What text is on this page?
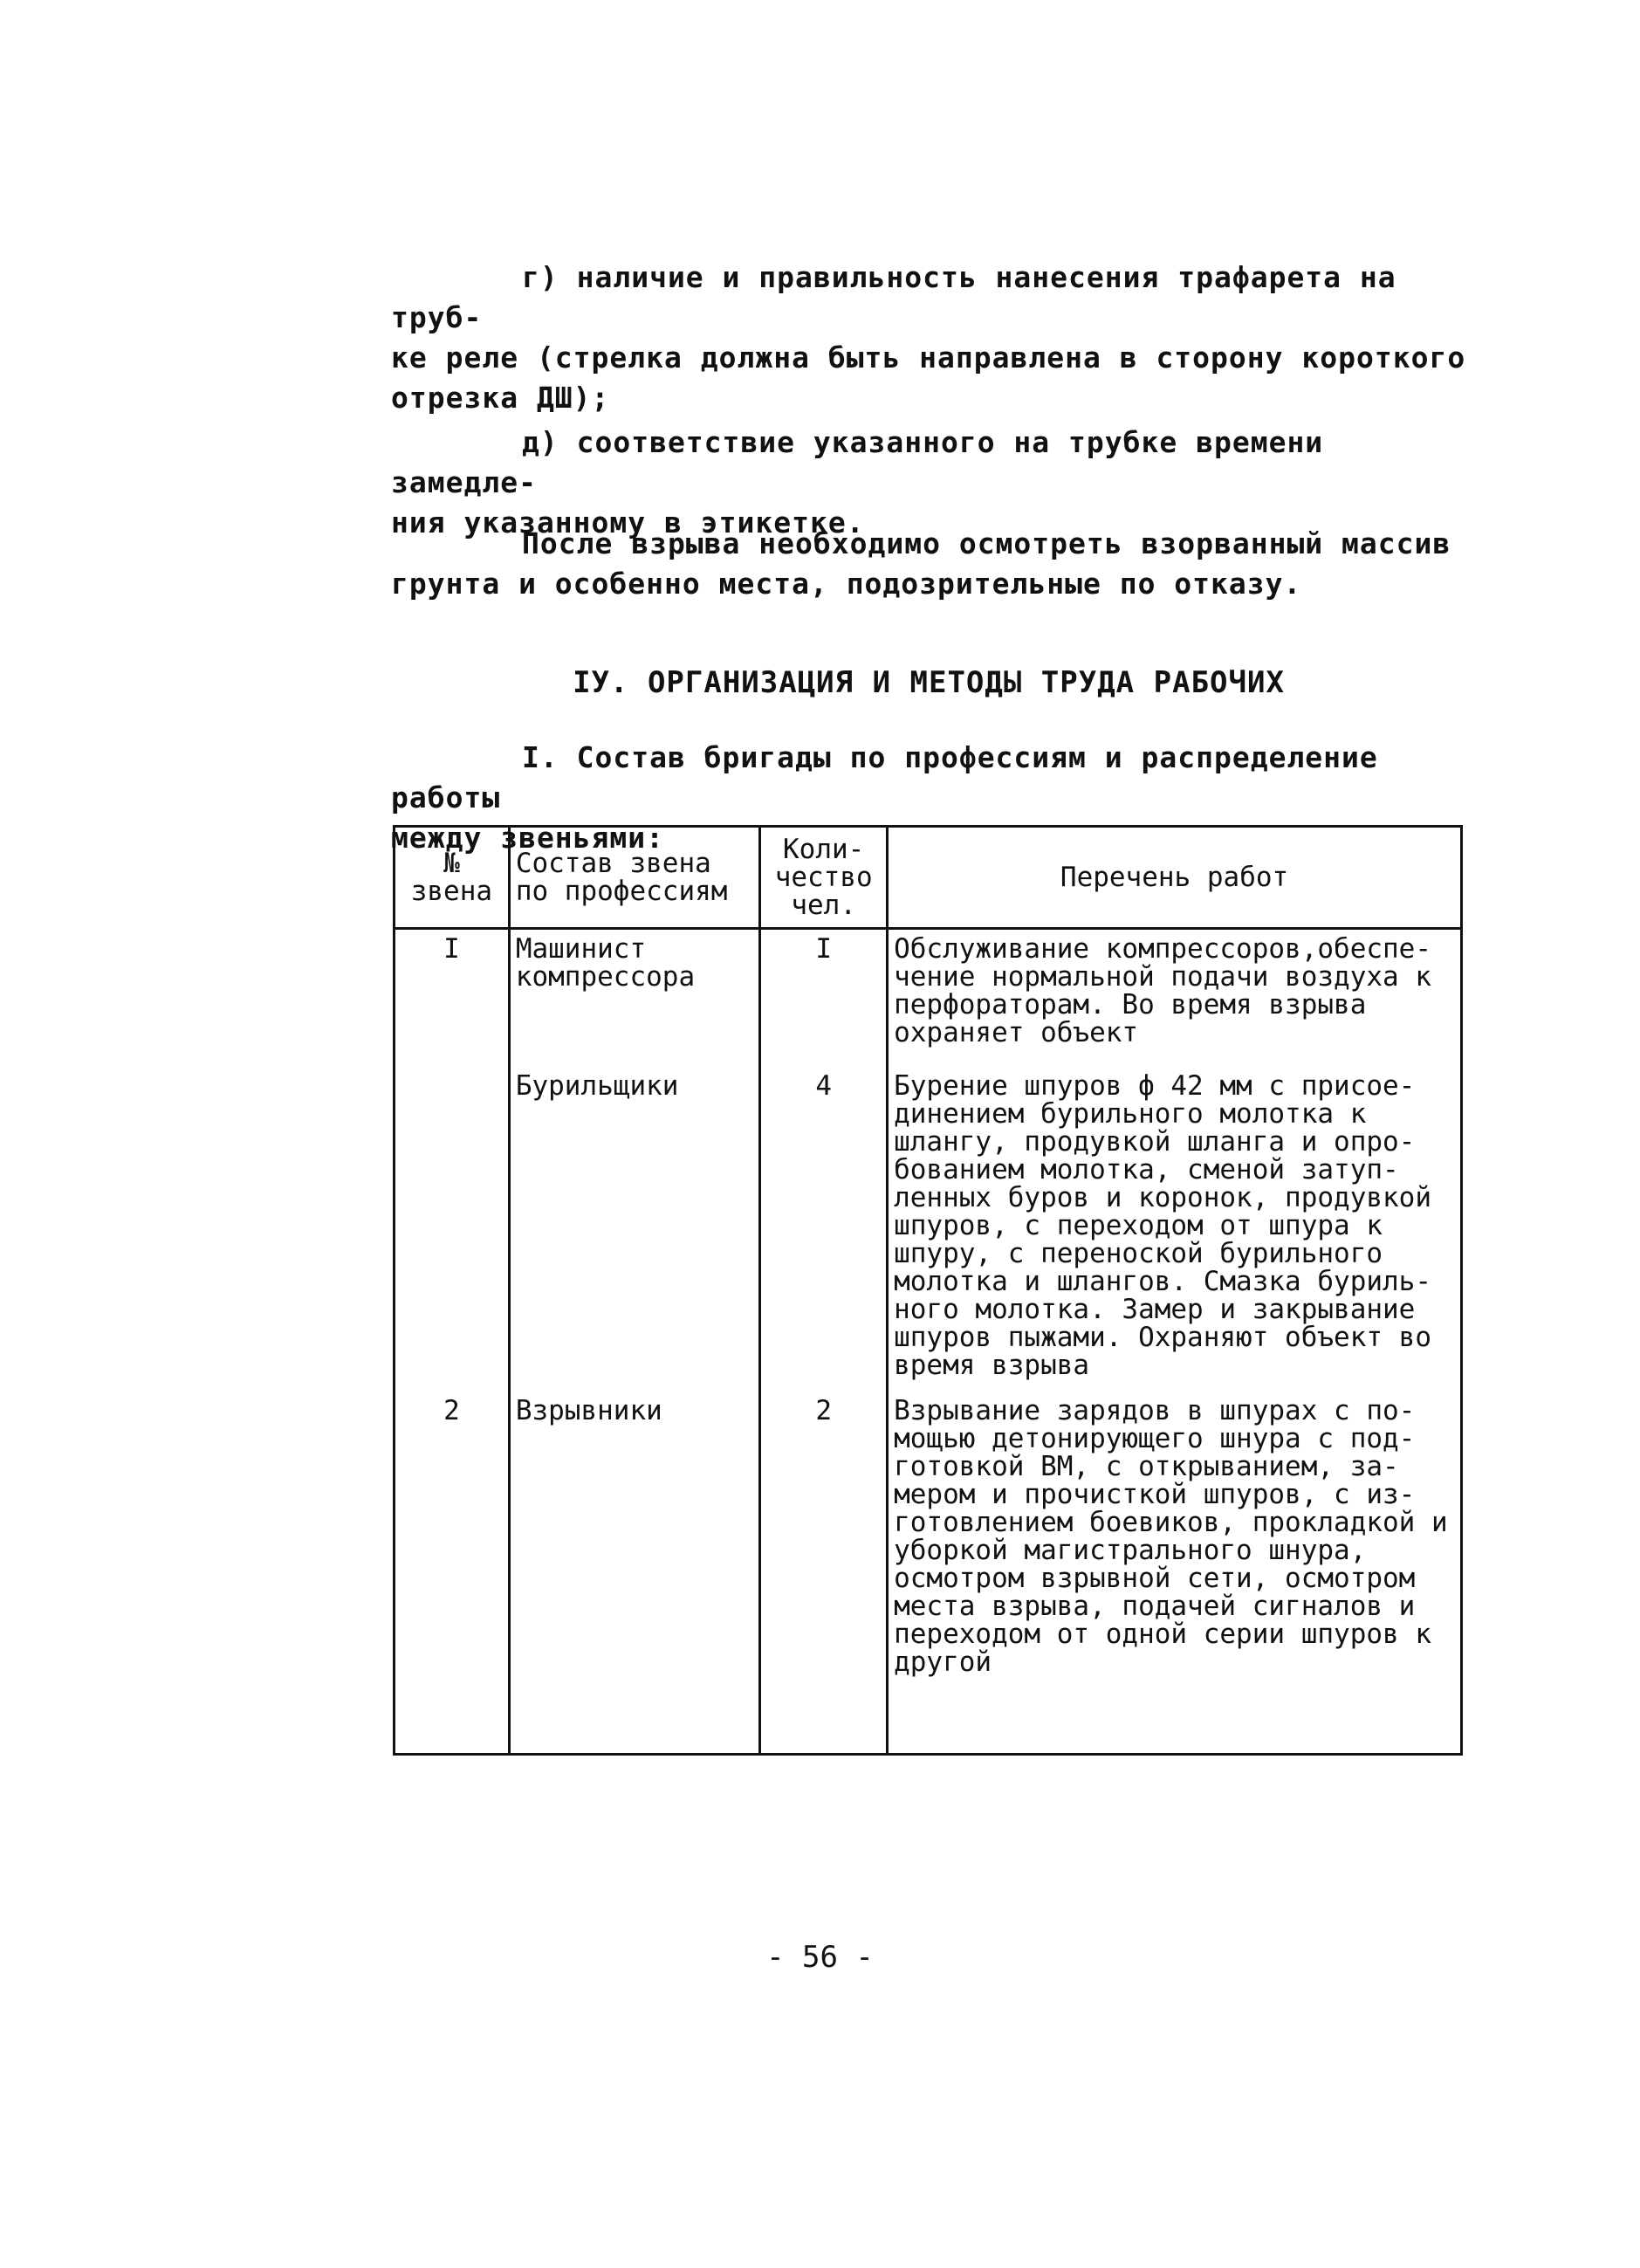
г) наличие и правильность нанесения трафарета на труб-
ке реле (стрелка должна быть направлена в сторону короткого
отрезка ДШ);

д) соответствие указанного на трубке времени замедле-
ния указанному в этикетке.

После взрыва необходимо осмотреть взорванный массив
грунта и особенно места, подозрительные по отказу.

IУ. ОРГАНИЗАЦИЯ И МЕТОДЫ ТРУДА РАБОЧИХ

I. Состав бригады по профессиям и распределение работы
между звеньями:

№ звена	Состав звена по профессиям	Коли- чество чел.	Перечень работ
I	Машинист компрессора	I	Обслуживание компрессоров,обеспе- чение нормальной подачи воздуха к перфораторам. Во время взрыва охраняет объект
	Бурильщики	4	Бурение шпуров ф 42 мм с присое- динением бурильного молотка к шлангу, продувкой шланга и опро- бованием молотка, сменой затуп- ленных буров и коронок, продувкой шпуров, с переходом от шпура к шпуру, с переноской бурильного молотка и шлангов. Смазка буриль- ного молотка. Замер и закрывание шпуров пыжами. Охраняют объект во время взрыва
2	Взрывники	2	Взрывание зарядов в шпурах с по- мощью детонирующего шнура с под- готовкой ВМ, с открыванием, за- мером и прочисткой шпуров, с из- готовлением боевиков, прокладкой и уборкой магистрального шнура, осмотром взрывной сети, осмотром места взрыва, подачей сигналов и переходом от одной серии шпуров к другой

- 56 -
